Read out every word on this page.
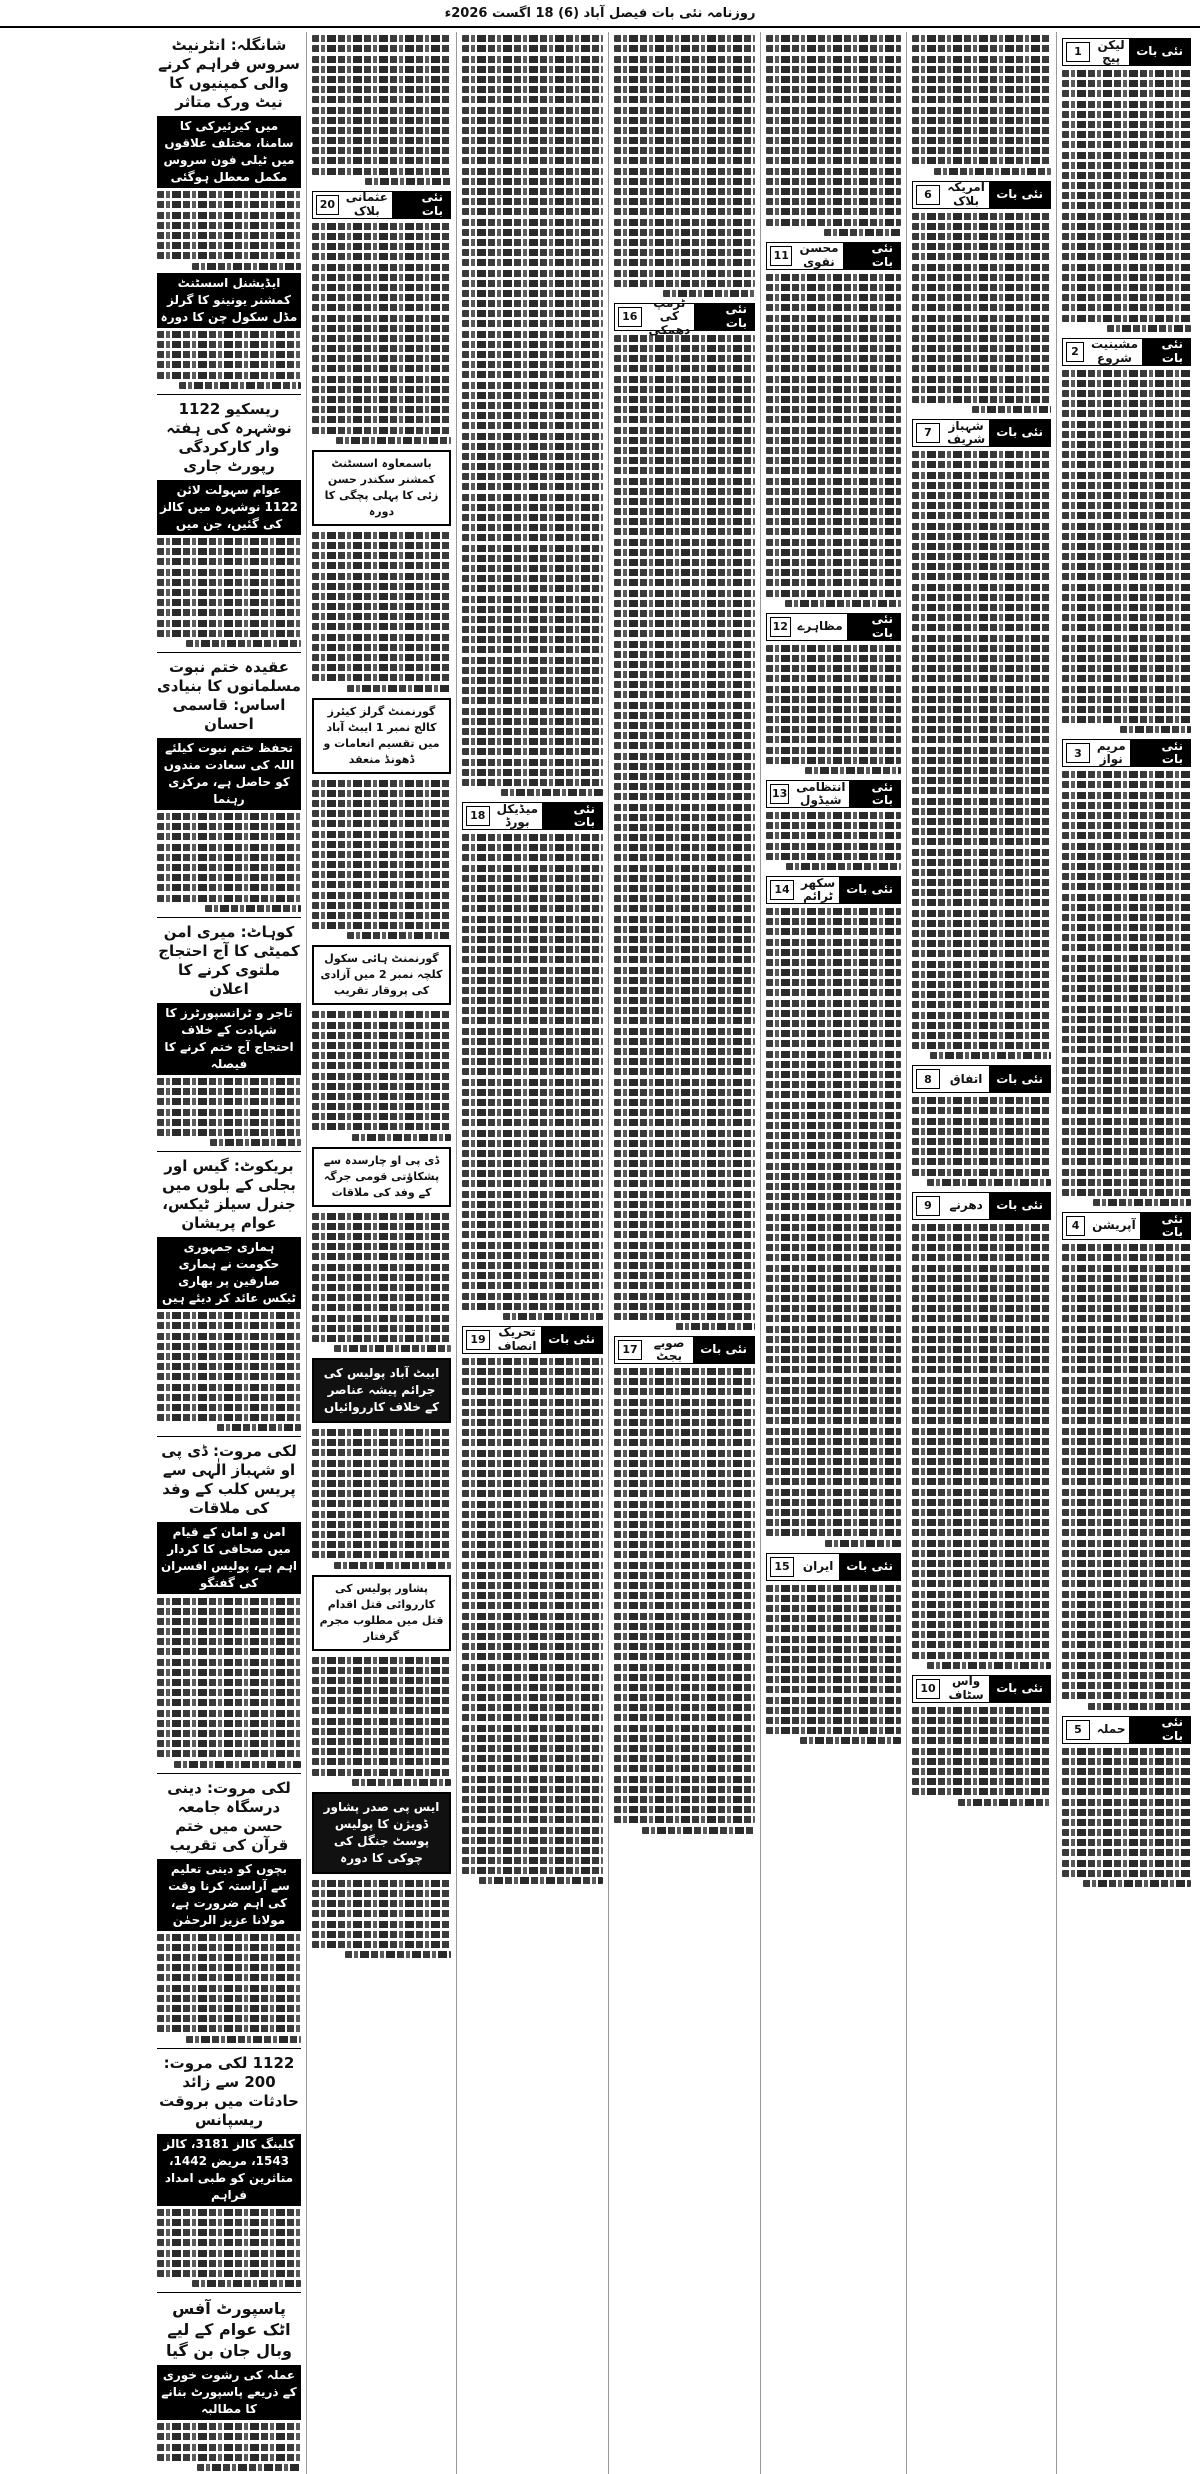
روزنامہ نئی بات فیصل آباد (6) 18 اگست 2026ء
نئی بات
لیکن پیج
1
نئی بات
مشینیت شروع
2
نئی بات
مریم نواز
3
نئی بات
آپریشن
4
نئی بات
حملہ
5
نئی بات
امریکہ بلاک
6
نئی بات
شہباز شریف
7
نئی بات
اتفاق
8
نئی بات
دھرنے
9
نئی بات
واس سٹاف
10
نئی بات
محسن نقوی
11
نئی بات
مظاہرے
12
نئی بات
انتظامی شیڈول
13
نئی بات
سکھر ٹرائم
14
نئی بات
ایران
15
نئی بات
ٹرمپ کی دھمکی
16
نئی بات
صوبے بجٹ
17
نئی بات
میڈیکل بورڈ
18
نئی بات
تحریک انصاف
19
نئی بات
عثمانی بلاک
20
باسمعاوہ اسسٹنٹ کمشنر سکندر حسن زئی کا پہلی پچگی کا دورہ
گورنمنٹ گرلز کیئرز کالج نمبر 1 ایبٹ آباد میں تقسیم انعامات و ڈھونڈ منعقد
گورنمنٹ ہائی سکول کلچہ نمبر 2 میں آزادی کی پروقار تقریب
ڈی پی او چارسدہ سے پشکاؤتی قومی جرگہ کے وفد کی ملاقات
ایبٹ آباد پولیس کی جرائم پیشہ عناصر کے خلاف کارروائیاں
پشاور پولیس کی کارروائی قتل اقدام قتل میں مطلوب مجرم گرفتار
ایس پی صدر پشاور ڈویژن کا پولیس پوسٹ جنگل کی چوکی کا دورہ
شانگلہ: انٹرنیٹ سروس فراہم کرنے والی کمپنیوں کا نیٹ ورک متاثر
میں کیرئیرکی کا سامنا، مختلف علاقوں میں ٹیلی فون سروس مکمل معطل ہوگئی
ایڈیشنل اسسٹنٹ کمشنر یونینو کا گرلز مڈل سکول چن کا دورہ
ریسکیو 1122 نوشہرہ کی ہفتہ وار کارکردگی رپورٹ جاری
عوام سہولت لائن 1122 نوشہرہ میں کالز کی گئیں، جن میں
عقیدہ ختم نبوت مسلمانوں کا بنیادی اساس: قاسمی احسان
تحفظ ختم نبوت کیلئے اللہ کی سعادت مندوں کو حاصل ہے، مرکزی رہنما
کوہاٹ: میری امن کمیٹی کا آج احتجاج ملتوی کرنے کا اعلان
تاجر و ٹرانسپورٹرز کا شہادت کے خلاف احتجاج آج ختم کرنے کا فیصلہ
بریکوٹ: گیس اور بجلی کے بلوں میں جنرل سیلز ٹیکس، عوام پریشان
ہماری جمہوری حکومت نے ہماری صارفین پر بھاری ٹیکس عائد کر دیئے ہیں
لکی مروت: ڈی پی او شہباز الٰہی سے پریس کلب کے وفد کی ملاقات
امن و امان کے قیام میں صحافی کا کردار اہم ہے، پولیس افسران کی گفتگو
لکی مروت: دینی درسگاہ جامعہ حسن میں ختم قرآن کی تقریب
بچوں کو دینی تعلیم سے آراستہ کرنا وقت کی اہم ضرورت ہے، مولانا عزیز الرحمٰن
1122 لکی مروت: 200 سے زائد حادثات میں بروقت ریسپانس
کلینگ کالز 3181، کالز 1543، مریض 1442، متاثرین کو طبی امداد فراہم
پاسپورٹ آفس اٹک عوام کے لیے وبال جان بن گیا
عملہ کی رشوت خوری کے ذریعے پاسپورٹ بنانے کا مطالبہ
